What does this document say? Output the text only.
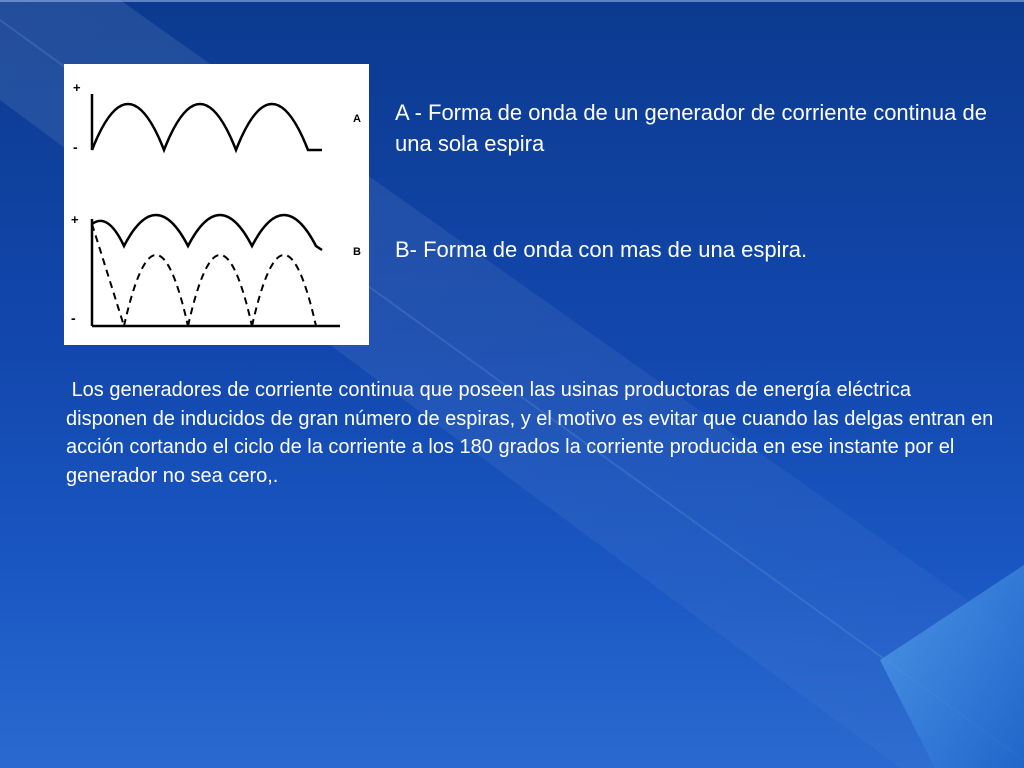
+
-
A
+
-
B
A - Forma de onda de un generador de corriente continua de una sola espira
B- Forma de onda con mas de una espira.
Los generadores de corriente continua que poseen las usinas productoras de energía eléctrica disponen de inducidos de gran número de espiras, y el motivo es evitar que cuando las delgas entran en acción cortando el ciclo de la corriente a los 180 grados la corriente producida en ese instante por el generador no sea cero,.
